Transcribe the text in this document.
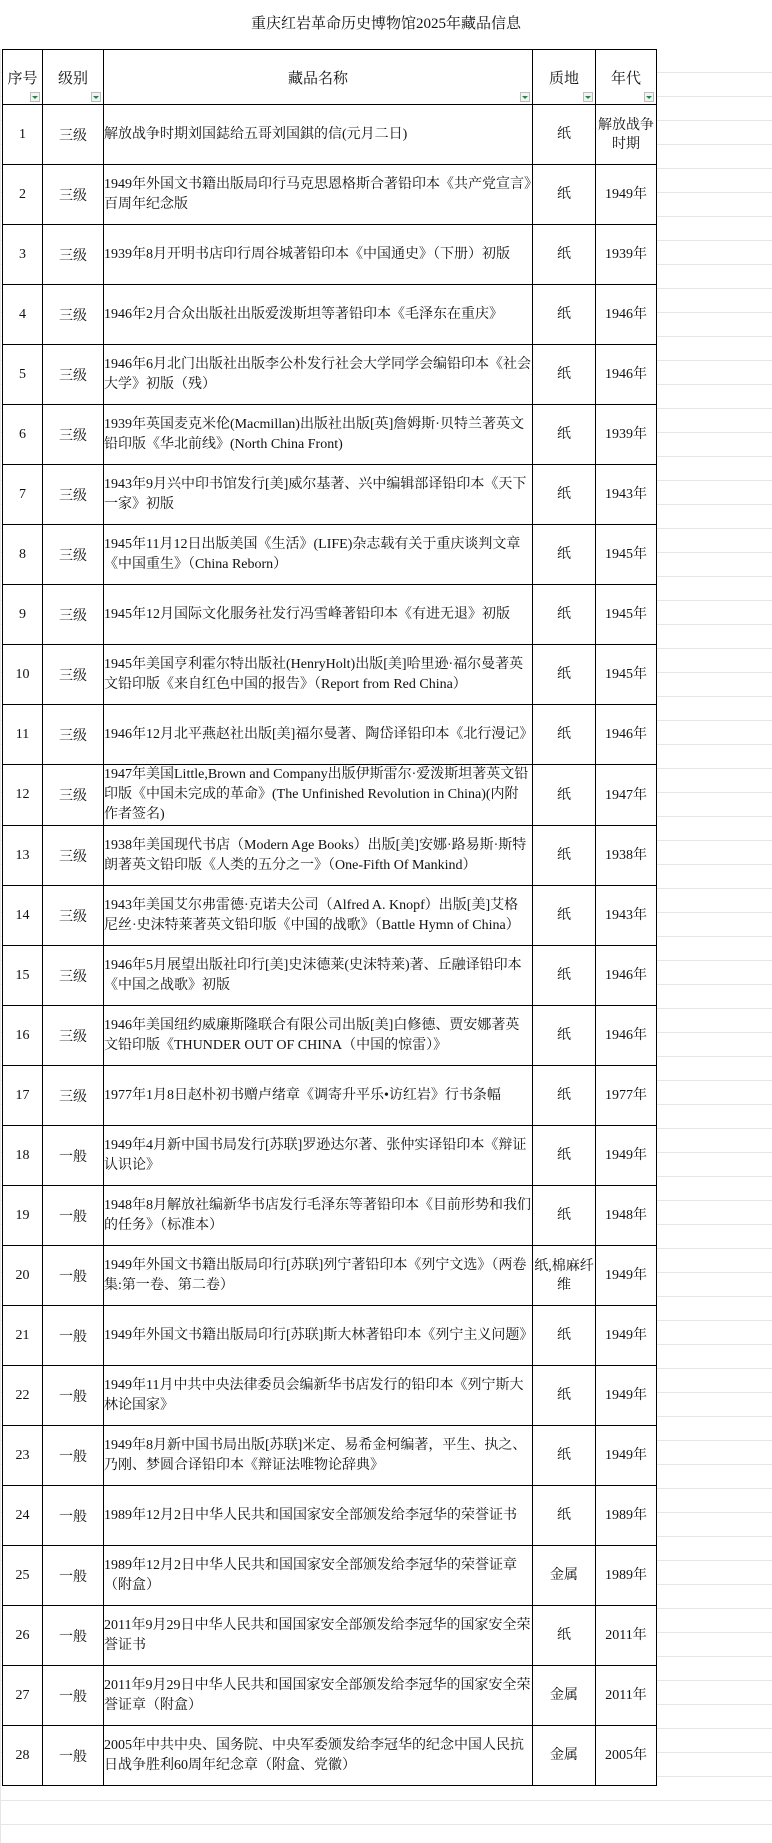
重庆红岩革命历史博物馆2025年藏品信息
序号	级别	藏品名称	质地	年代

1	三级	解放战争时期刘国鋕给五哥刘国錤的信(元月二日)	纸	解放战争时期
2	三级	1949年外国文书籍出版局印行马克思恩格斯合著铅印本《共产党宣言》百周年纪念版	纸	1949年
3	三级	1939年8月开明书店印行周谷城著铅印本《中国通史》（下册）初版	纸	1939年
4	三级	1946年2月合众出版社出版爱泼斯坦等著铅印本《毛泽东在重庆》	纸	1946年
5	三级	1946年6月北门出版社出版李公朴发行社会大学同学会编铅印本《社会大学》初版（残）	纸	1946年
6	三级	1939年英国麦克米伦(Macmillan)出版社出版[英]詹姆斯·贝特兰著英文铅印版《华北前线》(North China Front)	纸	1939年
7	三级	1943年9月兴中印书馆发行[美]威尔基著、兴中编辑部译铅印本《天下一家》初版	纸	1943年
8	三级	1945年11月12日出版美国《生活》(LIFE)杂志载有关于重庆谈判文章《中国重生》（China Reborn）	纸	1945年
9	三级	1945年12月国际文化服务社发行冯雪峰著铅印本《有进无退》初版	纸	1945年
10	三级	1945年美国亨利霍尔特出版社(HenryHolt)出版[美]哈里逊·福尔曼著英文铅印版《来自红色中国的报告》（Report from Red China）	纸	1945年
11	三级	1946年12月北平燕赵社出版[美]福尔曼著、陶岱译铅印本《北行漫记》	纸	1946年
12	三级	1947年美国Little,Brown and Company出版伊斯雷尔·爱泼斯坦著英文铅印版《中国未完成的革命》(The Unfinished Revolution in China)(内附作者签名)	纸	1947年
13	三级	1938年美国现代书店（Modern Age Books）出版[美]安娜·路易斯·斯特朗著英文铅印版《人类的五分之一》（One-Fifth Of Mankind）	纸	1938年
14	三级	1943年美国艾尔弗雷德·克诺夫公司（Alfred A. Knopf）出版[美]艾格尼丝·史沫特莱著英文铅印版《中国的战歌》（Battle Hymn of China）	纸	1943年
15	三级	1946年5月展望出版社印行[美]史沫德莱(史沫特莱)著、丘融译铅印本《中国之战歌》初版	纸	1946年
16	三级	1946年美国纽约威廉斯隆联合有限公司出版[美]白修德、贾安娜著英文铅印版《THUNDER OUT OF CHINA（中国的惊雷）》	纸	1946年
17	三级	1977年1月8日赵朴初书赠卢绪章《调寄升平乐•访红岩》行书条幅	纸	1977年
18	一般	1949年4月新中国书局发行[苏联]罗逊达尔著、张仲实译铅印本《辩证认识论》	纸	1949年
19	一般	1948年8月解放社编新华书店发行毛泽东等著铅印本《目前形势和我们的任务》（标准本）	纸	1948年
20	一般	1949年外国文书籍出版局印行[苏联]列宁著铅印本《列宁文选》（两卷集:第一卷、第二卷）	纸,棉麻纤维	1949年
21	一般	1949年外国文书籍出版局印行[苏联]斯大林著铅印本《列宁主义问题》	纸	1949年
22	一般	1949年11月中共中央法律委员会编新华书店发行的铅印本《列宁斯大林论国家》	纸	1949年
23	一般	1949年8月新中国书局出版[苏联]米定、易希金柯编著，平生、执之、乃刚、梦圆合译铅印本《辩证法唯物论辞典》	纸	1949年
24	一般	1989年12月2日中华人民共和国国家安全部颁发给李冠华的荣誉证书	纸	1989年
25	一般	1989年12月2日中华人民共和国国家安全部颁发给李冠华的荣誉证章（附盒）	金属	1989年
26	一般	2011年9月29日中华人民共和国国家安全部颁发给李冠华的国家安全荣誉证书	纸	2011年
27	一般	2011年9月29日中华人民共和国国家安全部颁发给李冠华的国家安全荣誉证章（附盒）	金属	2011年
28	一般	2005年中共中央、国务院、中央军委颁发给李冠华的纪念中国人民抗日战争胜利60周年纪念章（附盒、党徽）	金属	2005年
